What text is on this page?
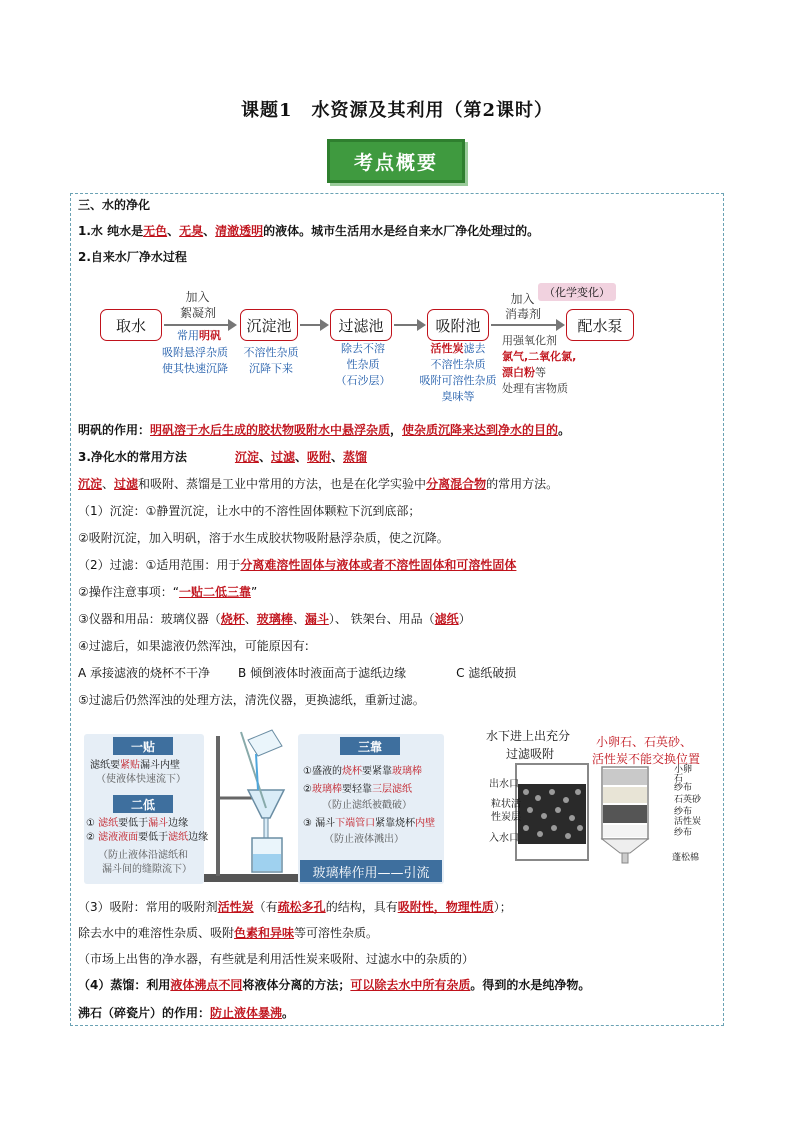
课题1　水资源及其利用（第2课时）
考点概要
三、水的净化
1.水 纯水是无色、无臭、清澈透明的液体。城市生活用水是经自来水厂净化处理过的。
2.自来水厂净水过程
取水	沉淀池	过滤池	吸附池	配水泵
加入
絮凝剂
常用明矾
吸附悬浮杂质
使其快速沉降
不溶性杂质
沉降下来
除去不溶
性杂质
（石沙层）
活性炭滤去
不溶性杂质
吸附可溶性杂质
臭味等
（化学变化）
加入
消毒剂
用强氧化剂
氯气,二氧化氯,
漂白粉等
处理有害物质
明矾的作用：明矾溶于水后生成的胶状物吸附水中悬浮杂质，使杂质沉降来达到净水的目的。
3.净化水的常用方法	沉淀、过滤、吸附、蒸馏
沉淀、过滤和吸附、蒸馏是工业中常用的方法，也是在化学实验中分离混合物的常用方法。
（1）沉淀：①静置沉淀，让水中的不溶性固体颗粒下沉到底部；
②吸附沉淀，加入明矾，溶于水生成胶状物吸附悬浮杂质，使之沉降。
（2）过滤：①适用范围：用于分离难溶性固体与液体或者不溶性固体和可溶性固体
②操作注意事项：“一贴二低三靠”
③仪器和用品：玻璃仪器（烧杯、玻璃棒、漏斗）、 铁架台、用品（滤纸）
④过滤后，如果滤液仍然浑浊，可能原因有:
A 承接滤液的烧杯不干净 B 倾倒液体时液面高于滤纸边缘	C 滤纸破损
⑤过滤后仍然浑浊的处理方法，清洗仪器，更换滤纸，重新过滤。
一贴
滤纸要紧贴漏斗内壁
（使液体快速流下）
二低
① 滤纸要低于漏斗边缘
② 滤液液面要低于滤纸边缘
（防止液体沿滤纸和
漏斗间的缝隙流下）
三靠
①盛液的烧杯要紧靠玻璃棒
②玻璃棒要轻靠三层滤纸
（防止滤纸被戳破）
③ 漏斗下端管口紧靠烧杯内壁
（防止液体溅出）
玻璃棒作用——引流
水下进上出充分
过滤吸附
出水口
粒状活
性炭层
入水口
小卵石、石英砂、
活性炭不能交换位置
小卵
石
纱布
石英砂
纱布
活性炭
纱布
蓬松棉
（3）吸附：常用的吸附剂活性炭（有疏松多孔的结构，具有吸附性，物理性质）；
除去水中的难溶性杂质、吸附色素和异味等可溶性杂质。
（市场上出售的净水器，有些就是利用活性炭来吸附、过滤水中的杂质的）
（4）蒸馏：利用液体沸点不同将液体分离的方法；可以除去水中所有杂质。得到的水是纯净物。
沸石（碎瓷片）的作用：防止液体暴沸。
